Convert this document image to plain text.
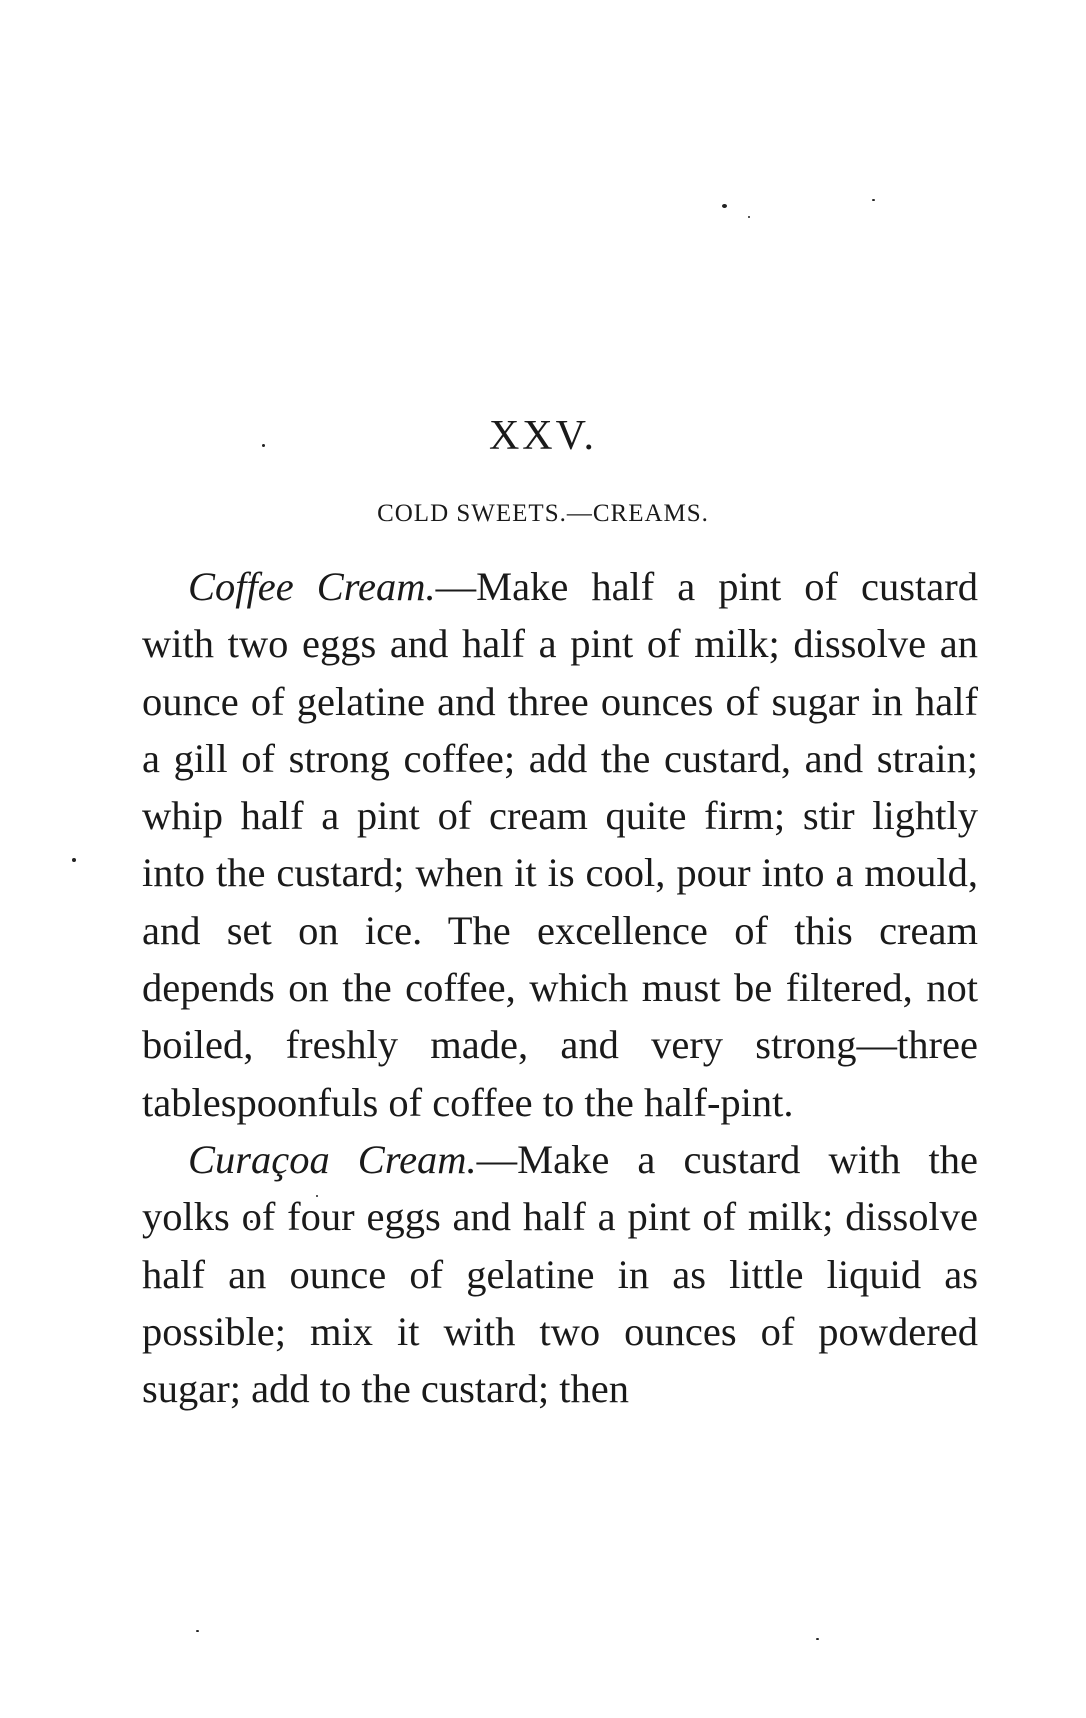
XXV.
COLD SWEETS.—CREAMS.

Coffee Cream.—Make half a pint of custard with two eggs and half a pint of milk; dissolve an ounce of gelatine and three ounces of sugar in half a gill of strong coffee; add the custard, and strain; whip half a pint of cream quite firm; stir lightly into the custard; when it is cool, pour into a mould, and set on ice. The excellence of this cream depends on the coffee, which must be filtered, not boiled, freshly made, and very strong—three tablespoonfuls of coffee to the half-pint.

Curaçoa Cream.—Make a custard with the yolks of four eggs and half a pint of milk; dissolve half an ounce of gelatine in as little liquid as possible; mix it with two ounces of powdered sugar; add to the custard; then
